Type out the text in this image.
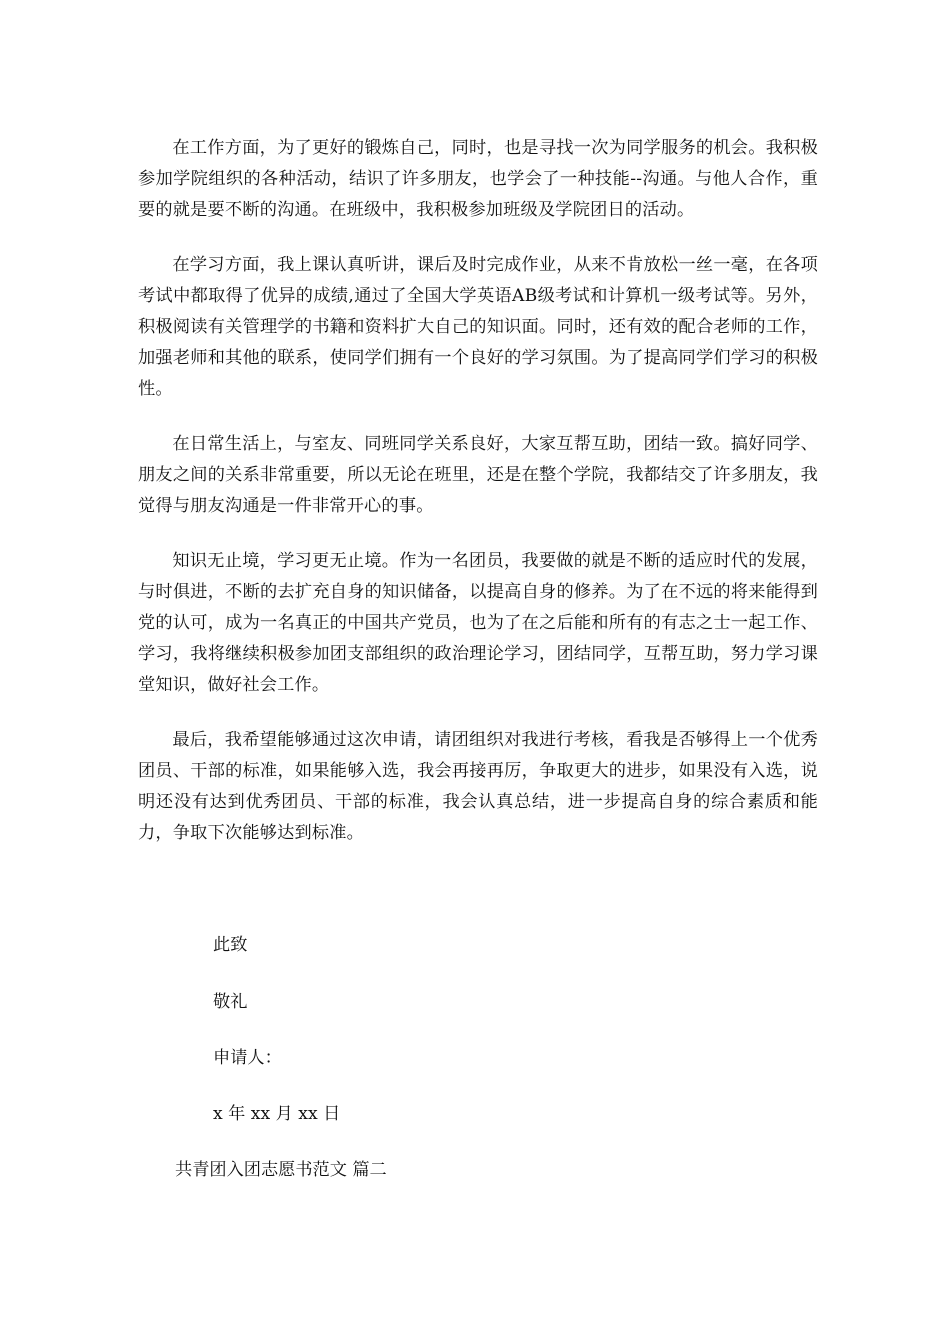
在工作方面，为了更好的锻炼自己，同时，也是寻找一次为同学服务的机会。我积极参加学院组织的各种活动，结识了许多朋友，也学会了一种技能--沟通。与他人合作，重要的就是要不断的沟通。在班级中，我积极参加班级及学院团日的活动。

在学习方面，我上课认真听讲，课后及时完成作业，从来不肯放松一丝一毫，在各项考试中都取得了优异的成绩,通过了全国大学英语AB级考试和计算机一级考试等。另外，积极阅读有关管理学的书籍和资料扩大自己的知识面。同时，还有效的配合老师的工作，加强老师和其他的联系，使同学们拥有一个良好的学习氛围。为了提高同学们学习的积极性。

在日常生活上，与室友、同班同学关系良好，大家互帮互助，团结一致。搞好同学、朋友之间的关系非常重要，所以无论在班里，还是在整个学院，我都结交了许多朋友，我觉得与朋友沟通是一件非常开心的事。

知识无止境，学习更无止境。作为一名团员，我要做的就是不断的适应时代的发展，与时俱进，不断的去扩充自身的知识储备，以提高自身的修养。为了在不远的将来能得到党的认可，成为一名真正的中国共产党员，也为了在之后能和所有的有志之士一起工作、学习，我将继续积极参加团支部组织的政治理论学习，团结同学，互帮互助，努力学习课堂知识，做好社会工作。

最后，我希望能够通过这次申请，请团组织对我进行考核，看我是否够得上一个优秀团员、干部的标准，如果能够入选，我会再接再厉，争取更大的进步，如果没有入选，说明还没有达到优秀团员、干部的标准，我会认真总结，进一步提高自身的综合素质和能力，争取下次能够达到标准。

此致

敬礼

申请人：

x 年 xx 月 xx 日

共青团入团志愿书范文 篇二
